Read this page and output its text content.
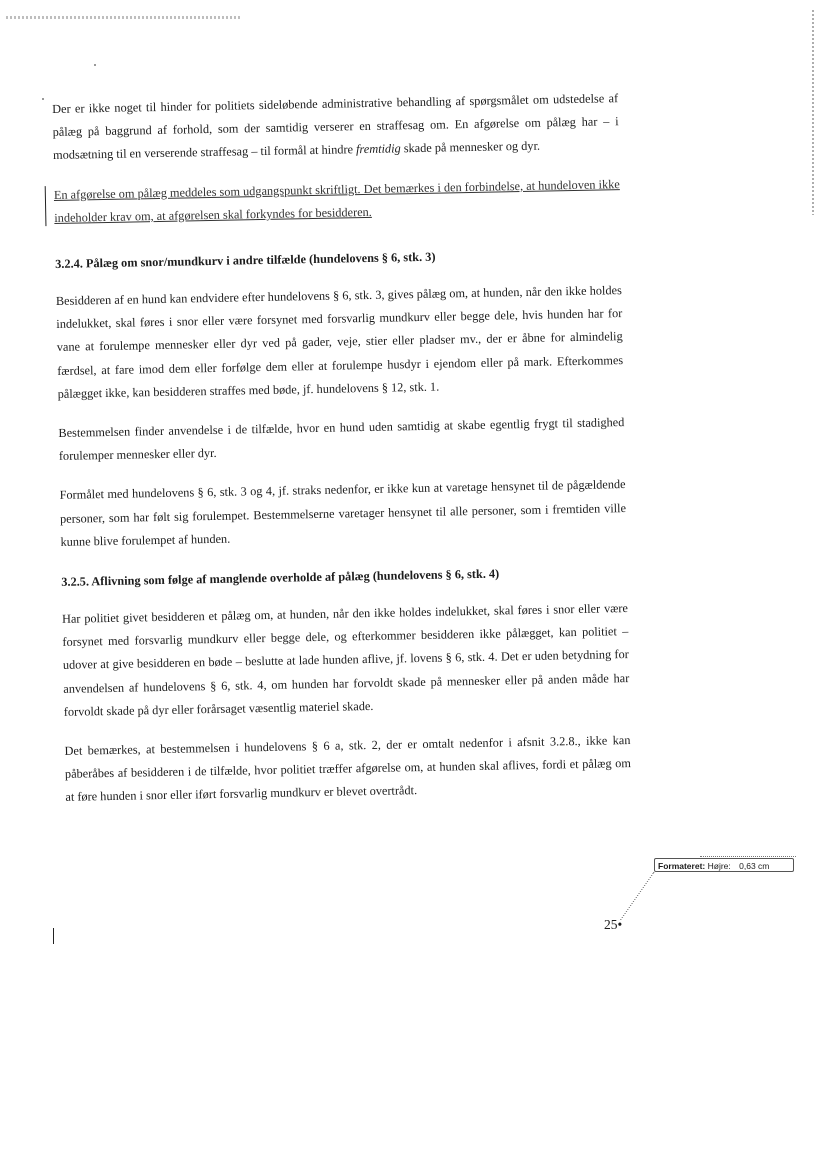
Der er ikke noget til hinder for politiets sideløbende administrative behandling af spørgsmålet om udstedelse af pålæg på baggrund af forhold, som der samtidig verserer en straffesag om. En afgørelse om pålæg har – i modsætning til en verserende straffesag – til formål at hindre fremtidig skade på mennesker og dyr.

En afgørelse om pålæg meddeles som udgangspunkt skriftligt. Det bemærkes i den forbindelse, at hundeloven ikke indeholder krav om, at afgørelsen skal forkyndes for besidderen.

3.2.4. Pålæg om snor/mundkurv i andre tilfælde (hundelovens § 6, stk. 3)

Besidderen af en hund kan endvidere efter hundelovens § 6, stk. 3, gives pålæg om, at hunden, når den ikke holdes indelukket, skal føres i snor eller være forsynet med forsvarlig mundkurv eller begge dele, hvis hunden har for vane at forulempe mennesker eller dyr ved på gader, veje, stier eller pladser mv., der er åbne for almindelig færdsel, at fare imod dem eller forfølge dem eller at forulempe husdyr i ejendom eller på mark. Efterkommes pålægget ikke, kan besidderen straffes med bøde, jf. hundelovens § 12, stk. 1.

Bestemmelsen finder anvendelse i de tilfælde, hvor en hund uden samtidig at skabe egentlig frygt til stadighed forulemper mennesker eller dyr.

Formålet med hundelovens § 6, stk. 3 og 4, jf. straks nedenfor, er ikke kun at varetage hensynet til de pågældende personer, som har følt sig forulempet. Bestemmelserne varetager hensynet til alle personer, som i fremtiden ville kunne blive forulempet af hunden.

3.2.5. Aflivning som følge af manglende overholde af pålæg (hundelovens § 6, stk. 4)

Har politiet givet besidderen et pålæg om, at hunden, når den ikke holdes indelukket, skal føres i snor eller være forsynet med forsvarlig mundkurv eller begge dele, og efterkommer besidderen ikke pålægget, kan politiet – udover at give besidderen en bøde – beslutte at lade hunden aflive, jf. lovens § 6, stk. 4. Det er uden betydning for anvendelsen af hundelovens § 6, stk. 4, om hunden har forvoldt skade på mennesker eller på anden måde har forvoldt skade på dyr eller forårsaget væsentlig materiel skade.

Det bemærkes, at bestemmelsen i hundelovens § 6 a, stk. 2, der er omtalt nedenfor i afsnit 3.2.8., ikke kan påberåbes af besidderen i de tilfælde, hvor politiet træffer afgørelse om, at hunden skal aflives, fordi et pålæg om at føre hunden i snor eller iført forsvarlig mundkurv er blevet overtrådt.

Formateret: Højre: 0,63 cm
25•
